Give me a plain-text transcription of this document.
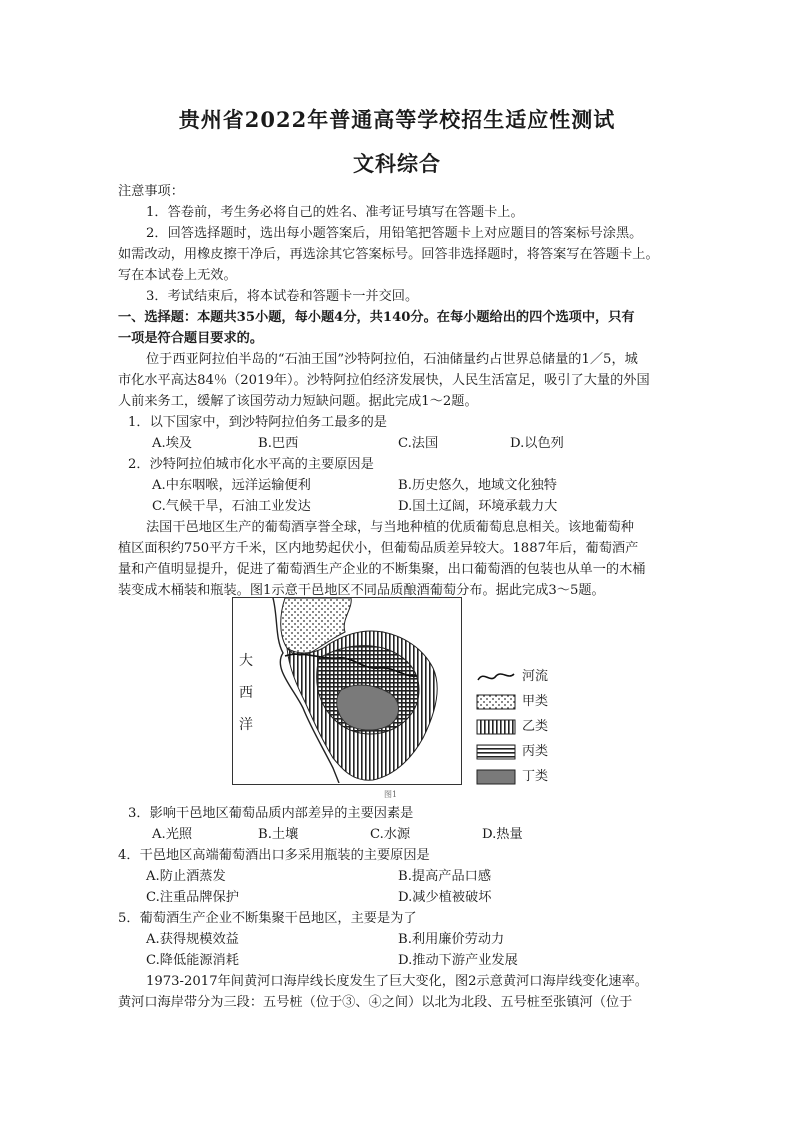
贵州省2022年普通高等学校招生适应性测试
文科综合
注意事项：
1．答卷前，考生务必将自己的姓名、准考证号填写在答题卡上。
2．回答选择题时，选出每小题答案后，用铅笔把答题卡上对应题目的答案标号涂黑。
如需改动，用橡皮擦干净后，再选涂其它答案标号。回答非选择题时，将答案写在答题卡上。
写在本试卷上无效。
3．考试结束后，将本试卷和答题卡一并交回。
一、选择题：本题共35小题，每小题4分，共140分。在每小题给出的四个选项中，只有
一项是符合题目要求的。
位于西亚阿拉伯半岛的“石油王国”沙特阿拉伯，石油储量约占世界总储量的1／5，城
市化水平高达84％（2019年）。沙特阿拉伯经济发展快，人民生活富足，吸引了大量的外国
人前来务工，缓解了该国劳动力短缺问题。据此完成1～2题。
1．以下国家中，到沙特阿拉伯务工最多的是
A.埃及	B.巴西	C.法国	D.以色列
2．沙特阿拉伯城市化水平高的主要原因是
A.中东咽喉，远洋运输便利	B.历史悠久，地域文化独特
C.气候干旱，石油工业发达	D.国土辽阔，环境承载力大
法国干邑地区生产的葡萄酒享誉全球，与当地种植的优质葡萄息息相关。该地葡萄种
植区面积约750平方千米，区内地势起伏小，但葡萄品质差异较大。1887年后，葡萄酒产
量和产值明显提升，促进了葡萄酒生产企业的不断集聚，出口葡萄酒的包装也从单一的木桶
装变成木桶装和瓶装。图1示意干邑地区不同品质酿酒葡萄分布。据此完成3～5题。
大
西
洋
河流
甲类
乙类
丙类
丁类
图1
3．影响干邑地区葡萄品质内部差异的主要因素是
A.光照	B.土壤	C.水源	D.热量
4．干邑地区高端葡萄酒出口多采用瓶装的主要原因是
A.防止酒蒸发	B.提高产品口感
C.注重品牌保护	D.减少植被破坏
5．葡萄酒生产企业不断集聚干邑地区，主要是为了
A.获得规模效益	B.利用廉价劳动力
C.降低能源消耗	D.推动下游产业发展
1973-2017年间黄河口海岸线长度发生了巨大变化，图2示意黄河口海岸线变化速率。
黄河口海岸带分为三段：五号桩（位于③、④之间）以北为北段、五号桩至张镇河（位于
